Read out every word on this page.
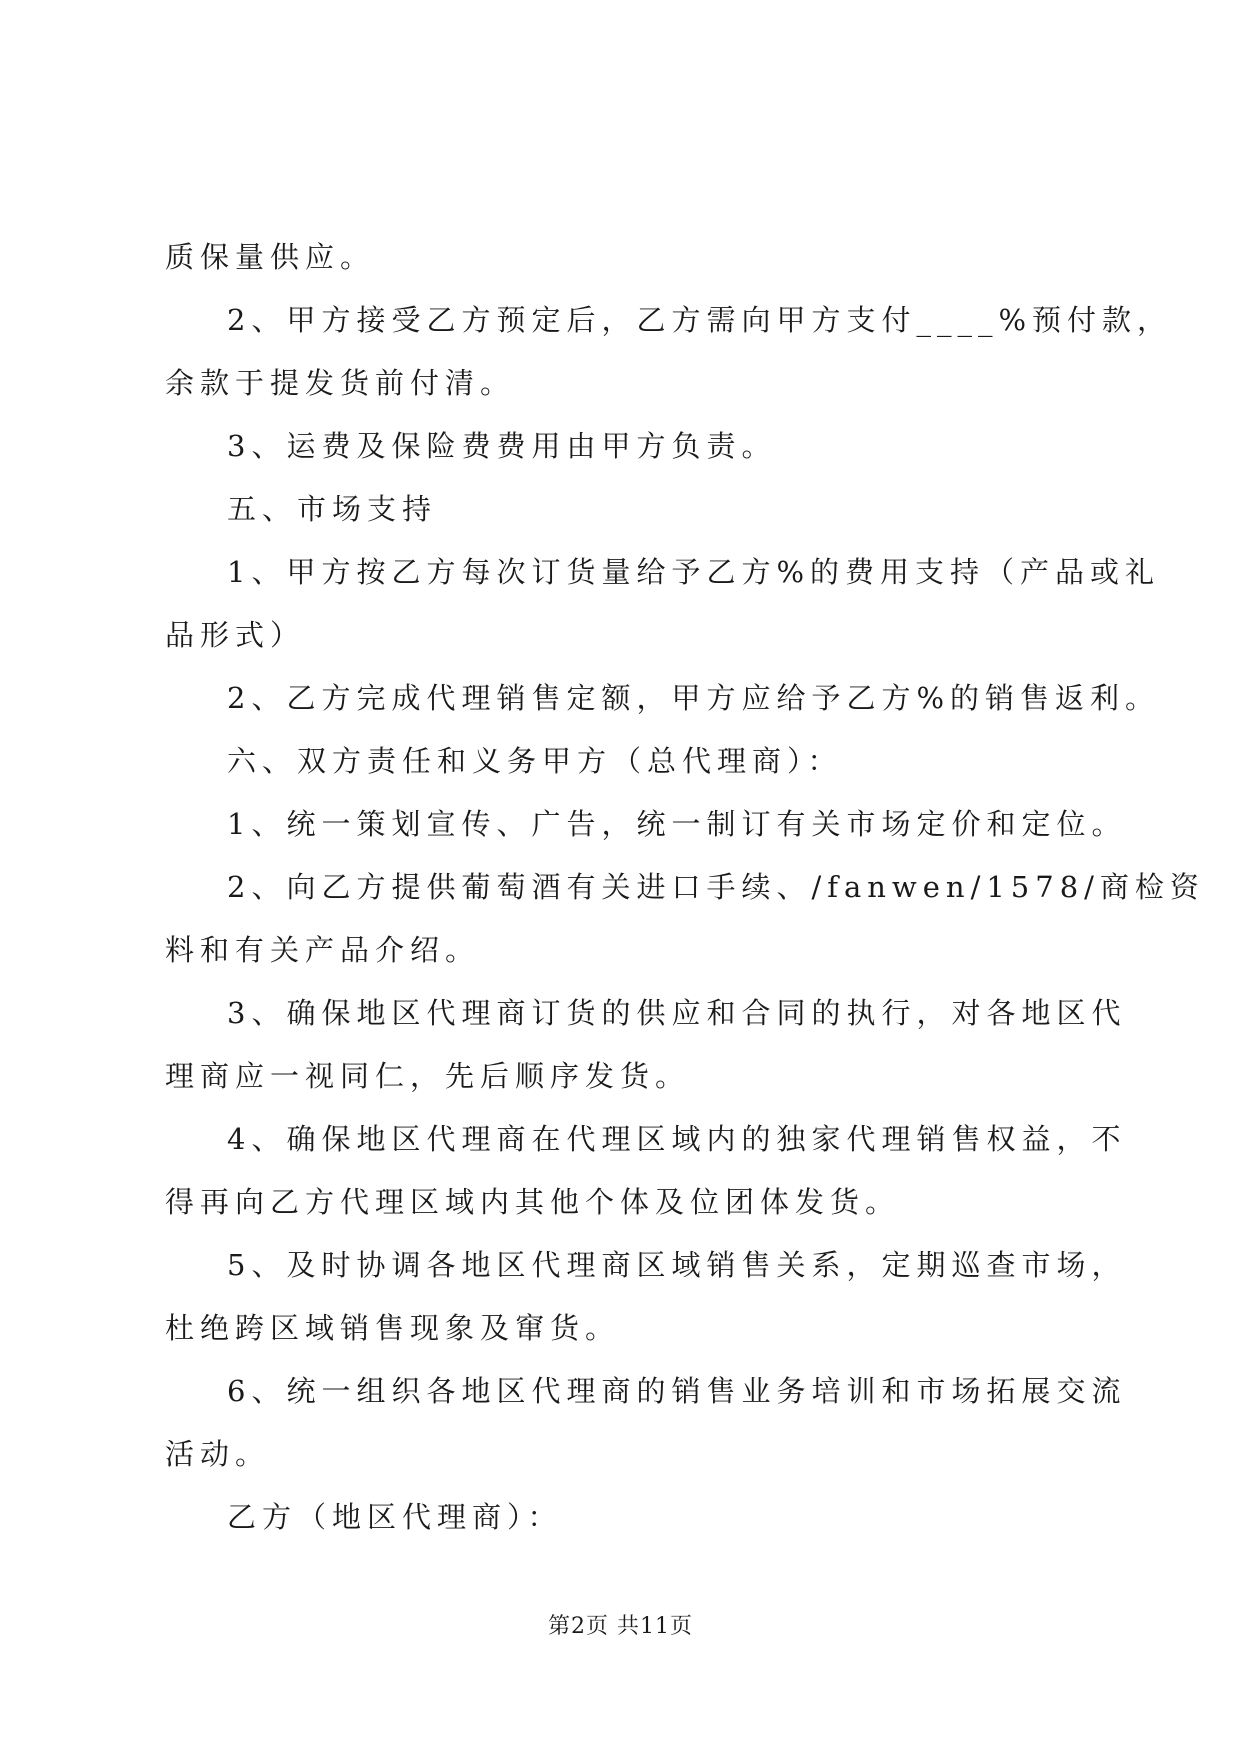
质保量供应。
2、甲方接受乙方预定后，乙方需向甲方支付____%预付款，
余款于提发货前付清。
3、运费及保险费费用由甲方负责。
五、市场支持
1、甲方按乙方每次订货量给予乙方%的费用支持（产品或礼
品形式）
2、乙方完成代理销售定额，甲方应给予乙方%的销售返利。
六、双方责任和义务甲方（总代理商）：
1、统一策划宣传、广告，统一制订有关市场定价和定位。
2、向乙方提供葡萄酒有关进口手续、/fanwen/1578/商检资
料和有关产品介绍。
3、确保地区代理商订货的供应和合同的执行，对各地区代
理商应一视同仁，先后顺序发货。
4、确保地区代理商在代理区域内的独家代理销售权益，不
得再向乙方代理区域内其他个体及位团体发货。
5、及时协调各地区代理商区域销售关系，定期巡查市场，
杜绝跨区域销售现象及窜货。
6、统一组织各地区代理商的销售业务培训和市场拓展交流
活动。
乙方（地区代理商）：
第2页 共11页
